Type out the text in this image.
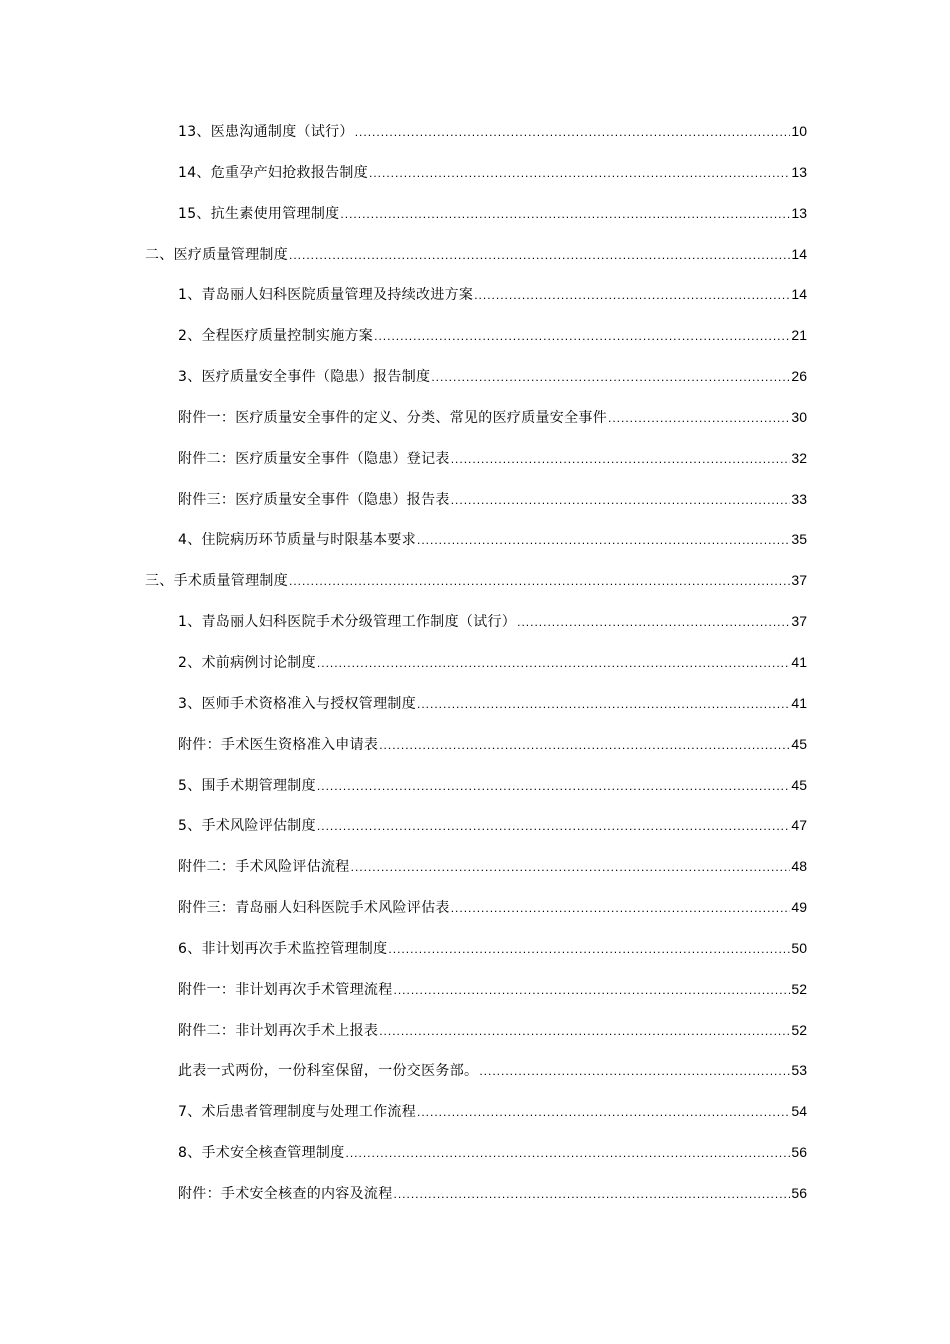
13、医患沟通制度（试行） .....	10
14、危重孕产妇抢救报告制度 .....	13
15、抗生素使用管理制度 .....	13
二、医疗质量管理制度 .....	14
1、青岛丽人妇科医院质量管理及持续改进方案 .....	14
2、全程医疗质量控制实施方案 .....	21
3、医疗质量安全事件（隐患）报告制度 .....	26
附件一：医疗质量安全事件的定义、分类、常见的医疗质量安全事件 .....	30
附件二：医疗质量安全事件（隐患）登记表 .....	32
附件三：医疗质量安全事件（隐患）报告表 .....	33
4、住院病历环节质量与时限基本要求 .....	35
三、手术质量管理制度 .....	37
1、青岛丽人妇科医院手术分级管理工作制度（试行） .....	37
2、术前病例讨论制度 .....	41
3、医师手术资格准入与授权管理制度 .....	41
附件：手术医生资格准入申请表 .....	45
5、围手术期管理制度 .....	45
5、手术风险评估制度 .....	47
附件二：手术风险评估流程 .....	48
附件三：青岛丽人妇科医院手术风险评估表 .....	49
6、非计划再次手术监控管理制度 .....	50
附件一：非计划再次手术管理流程 .....	52
附件二：非计划再次手术上报表 .....	52
此表一式两份，一份科室保留，一份交医务部。 .....	53
7、术后患者管理制度与处理工作流程 .....	54
8、手术安全核查管理制度 .....	56
附件：手术安全核查的内容及流程 .....	56
